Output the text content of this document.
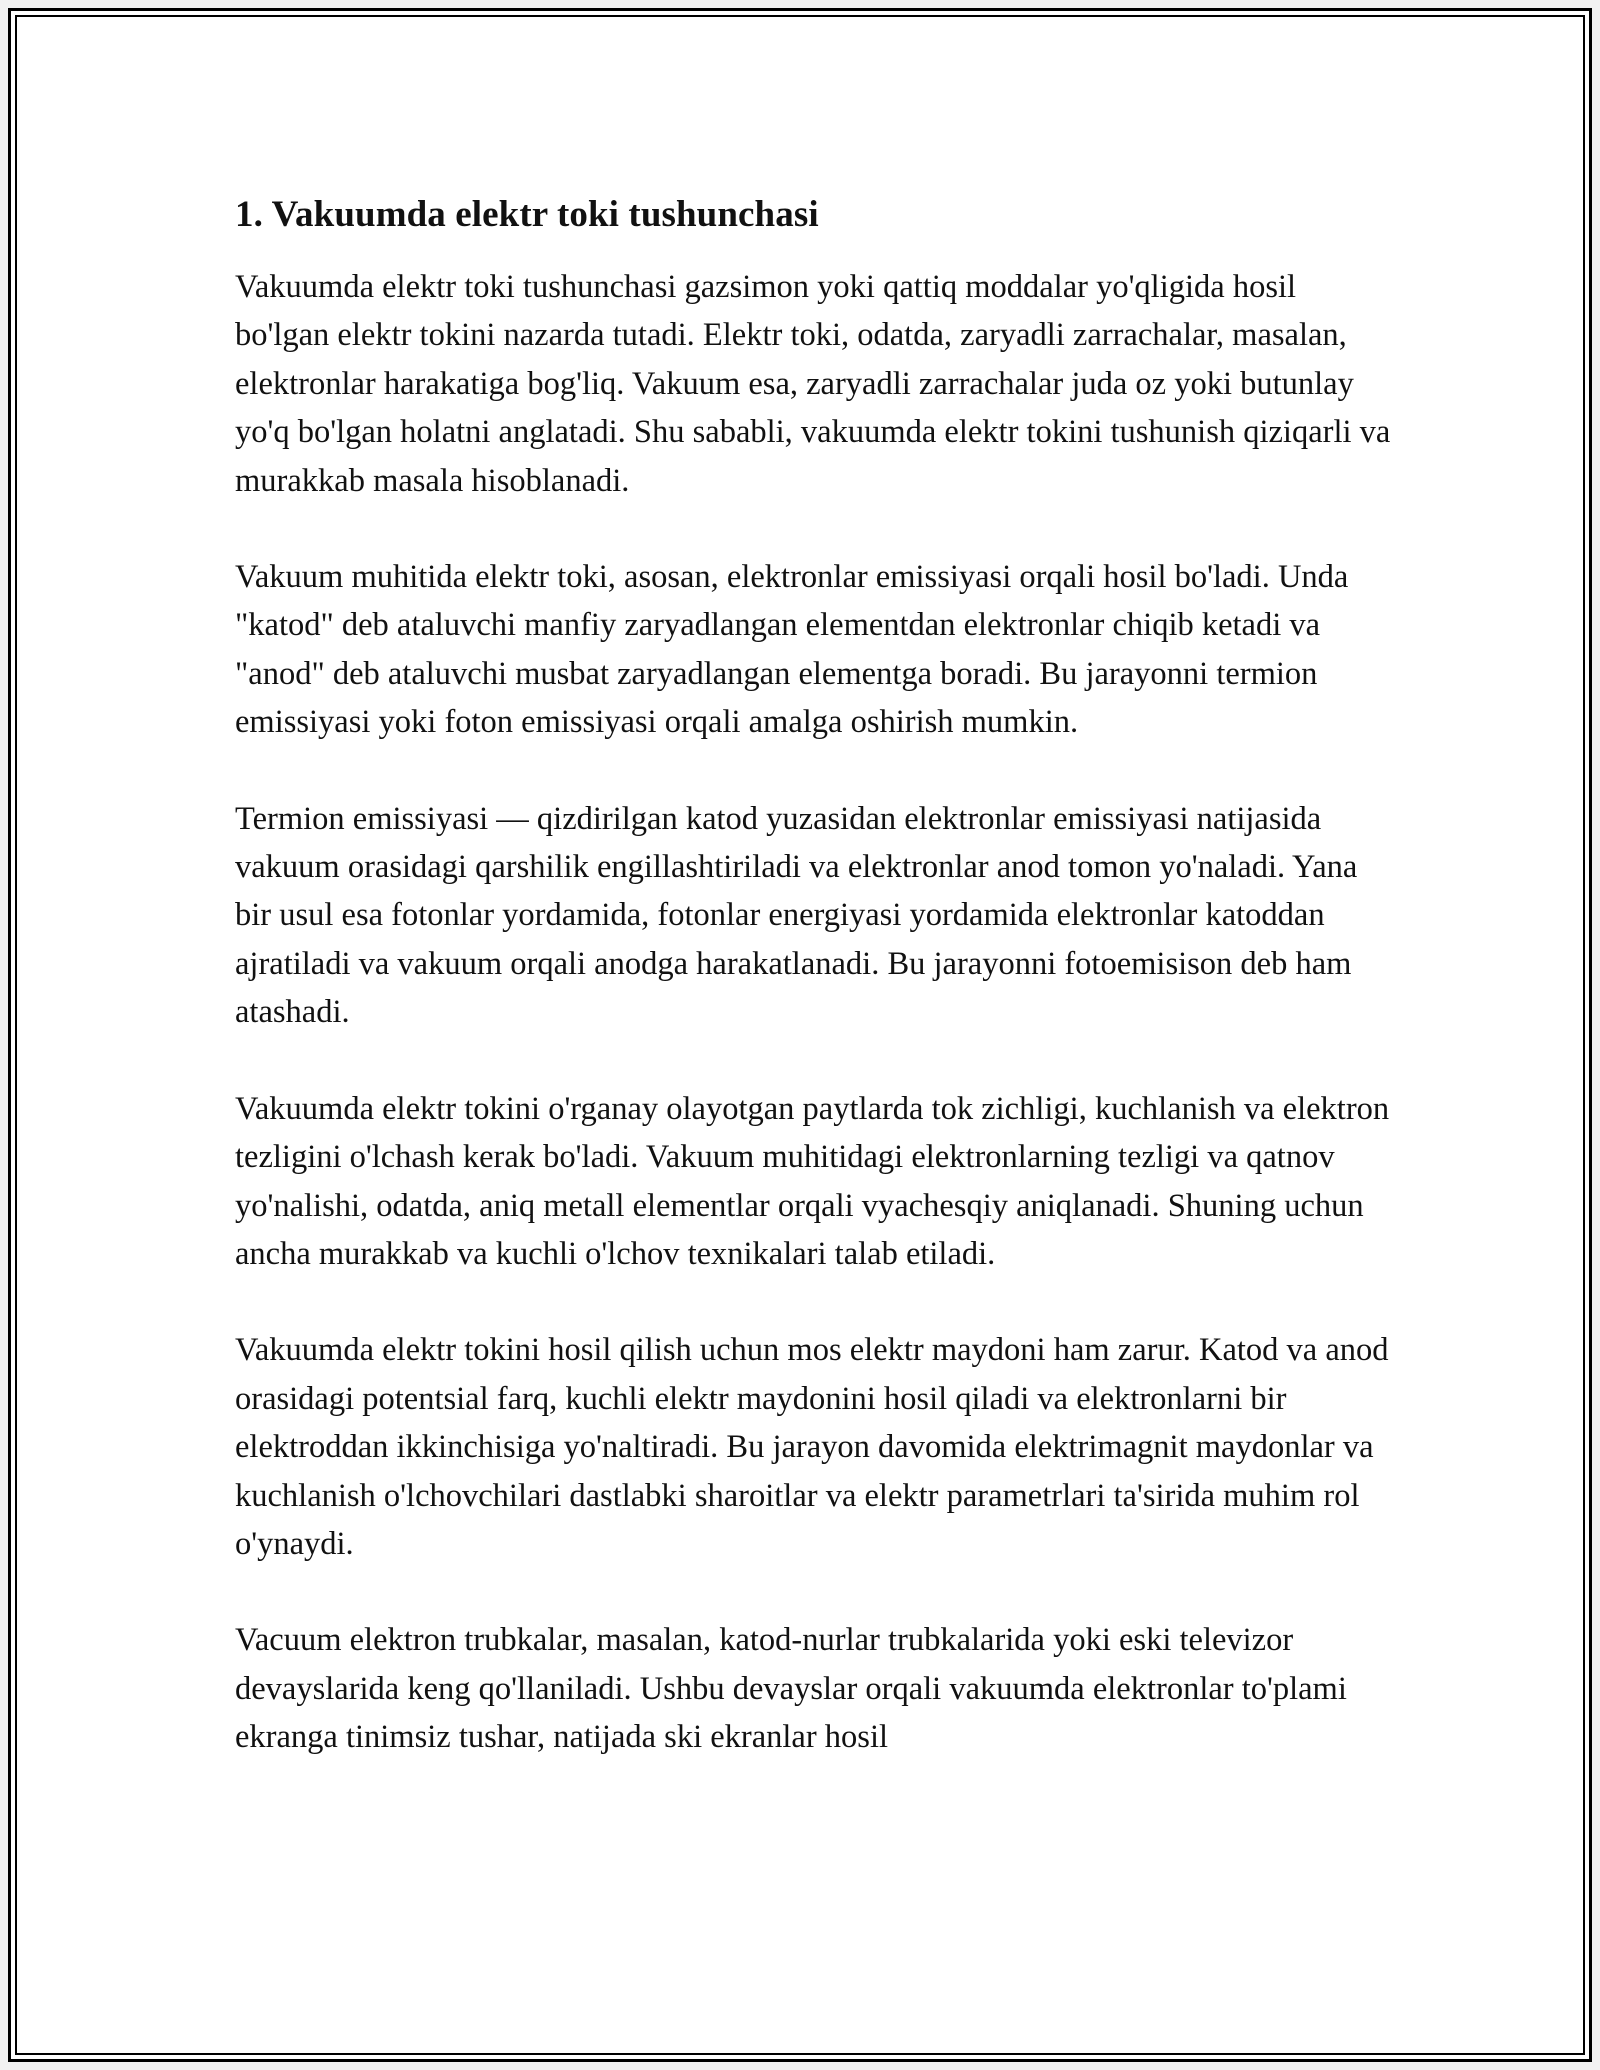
1. Vakuumda elektr toki tushunchasi

Vakuumda elektr toki tushunchasi gazsimon yoki qattiq moddalar yo'qligida hosil bo'lgan elektr tokini nazarda tutadi. Elektr toki, odatda, zaryadli zarrachalar, masalan, elektronlar harakatiga bog'liq. Vakuum esa, zaryadli zarrachalar juda oz yoki butunlay yo'q bo'lgan holatni anglatadi. Shu sababli, vakuumda elektr tokini tushunish qiziqarli va murakkab masala hisoblanadi.

Vakuum muhitida elektr toki, asosan, elektronlar emissiyasi orqali hosil bo'ladi. Unda "katod" deb ataluvchi manfiy zaryadlangan elementdan elektronlar chiqib ketadi va "anod" deb ataluvchi musbat zaryadlangan elementga boradi. Bu jarayonni termion emissiyasi yoki foton emissiyasi orqali amalga oshirish mumkin.

Termion emissiyasi — qizdirilgan katod yuzasidan elektronlar emissiyasi natijasida vakuum orasidagi qarshilik engillashtiriladi va elektronlar anod tomon yo'naladi. Yana bir usul esa fotonlar yordamida, fotonlar energiyasi yordamida elektronlar katoddan ajratiladi va vakuum orqali anodga harakatlanadi. Bu jarayonni fotoemisison deb ham atashadi.

Vakuumda elektr tokini o'rganay olayotgan paytlarda tok zichligi, kuchlanish va elektron tezligini o'lchash kerak bo'ladi. Vakuum muhitidagi elektronlarning tezligi va qatnov yo'nalishi, odatda, aniq metall elementlar orqali vyachesqiy aniqlanadi. Shuning uchun ancha murakkab va kuchli o'lchov texnikalari talab etiladi.

Vakuumda elektr tokini hosil qilish uchun mos elektr maydoni ham zarur. Katod va anod orasidagi potentsial farq, kuchli elektr maydonini hosil qiladi va elektronlarni bir elektroddan ikkinchisiga yo'naltiradi. Bu jarayon davomida elektrimagnit maydonlar va kuchlanish o'lchovchilari dastlabki sharoitlar va elektr parametrlari ta'sirida muhim rol o'ynaydi.

Vacuum elektron trubkalar, masalan, katod-nurlar trubkalarida yoki eski televizor devayslarida keng qo'llaniladi. Ushbu devayslar orqali vakuumda elektronlar to'plami ekranga tinimsiz tushar, natijada ski ekranlar hosil
